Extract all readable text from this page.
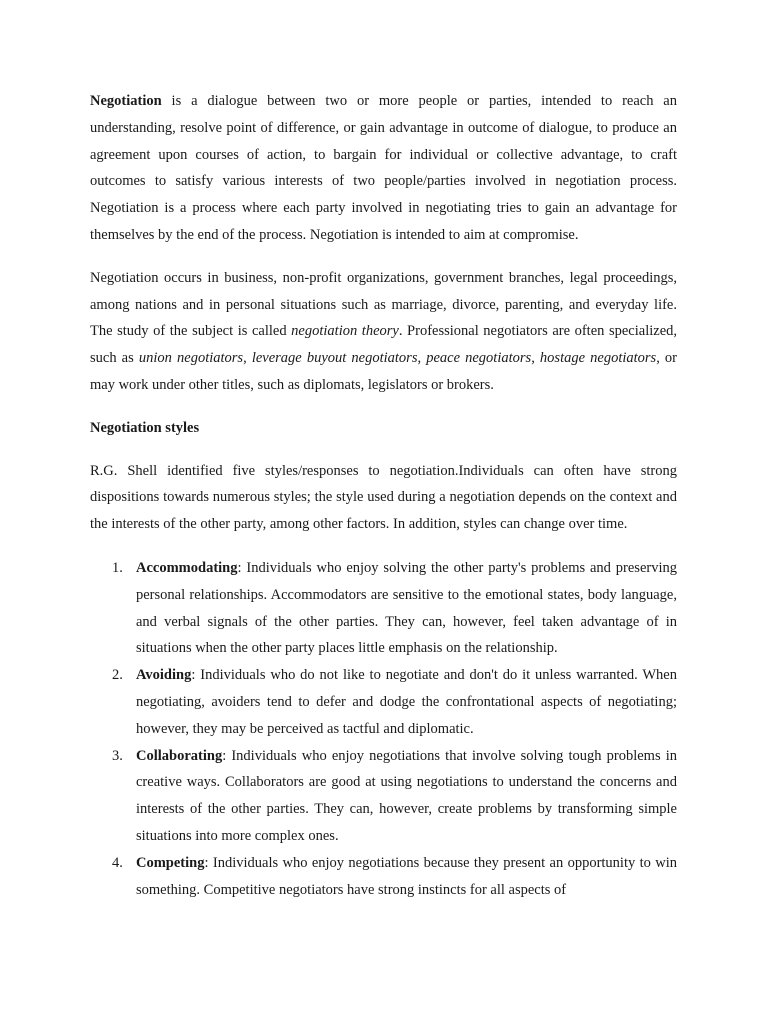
Negotiation is a dialogue between two or more people or parties, intended to reach an understanding, resolve point of difference, or gain advantage in outcome of dialogue, to produce an agreement upon courses of action, to bargain for individual or collective advantage, to craft outcomes to satisfy various interests of two people/parties involved in negotiation process. Negotiation is a process where each party involved in negotiating tries to gain an advantage for themselves by the end of the process. Negotiation is intended to aim at compromise.

Negotiation occurs in business, non-profit organizations, government branches, legal proceedings, among nations and in personal situations such as marriage, divorce, parenting, and everyday life. The study of the subject is called negotiation theory. Professional negotiators are often specialized, such as union negotiators, leverage buyout negotiators, peace negotiators, hostage negotiators, or may work under other titles, such as diplomats, legislators or brokers.

Negotiation styles

R.G. Shell identified five styles/responses to negotiation.Individuals can often have strong dispositions towards numerous styles; the style used during a negotiation depends on the context and the interests of the other party, among other factors. In addition, styles can change over time.

1. Accommodating: Individuals who enjoy solving the other party's problems and preserving personal relationships. Accommodators are sensitive to the emotional states, body language, and verbal signals of the other parties. They can, however, feel taken advantage of in situations when the other party places little emphasis on the relationship.
2. Avoiding: Individuals who do not like to negotiate and don't do it unless warranted. When negotiating, avoiders tend to defer and dodge the confrontational aspects of negotiating; however, they may be perceived as tactful and diplomatic.
3. Collaborating: Individuals who enjoy negotiations that involve solving tough problems in creative ways. Collaborators are good at using negotiations to understand the concerns and interests of the other parties. They can, however, create problems by transforming simple situations into more complex ones.
4. Competing: Individuals who enjoy negotiations because they present an opportunity to win something. Competitive negotiators have strong instincts for all aspects of
